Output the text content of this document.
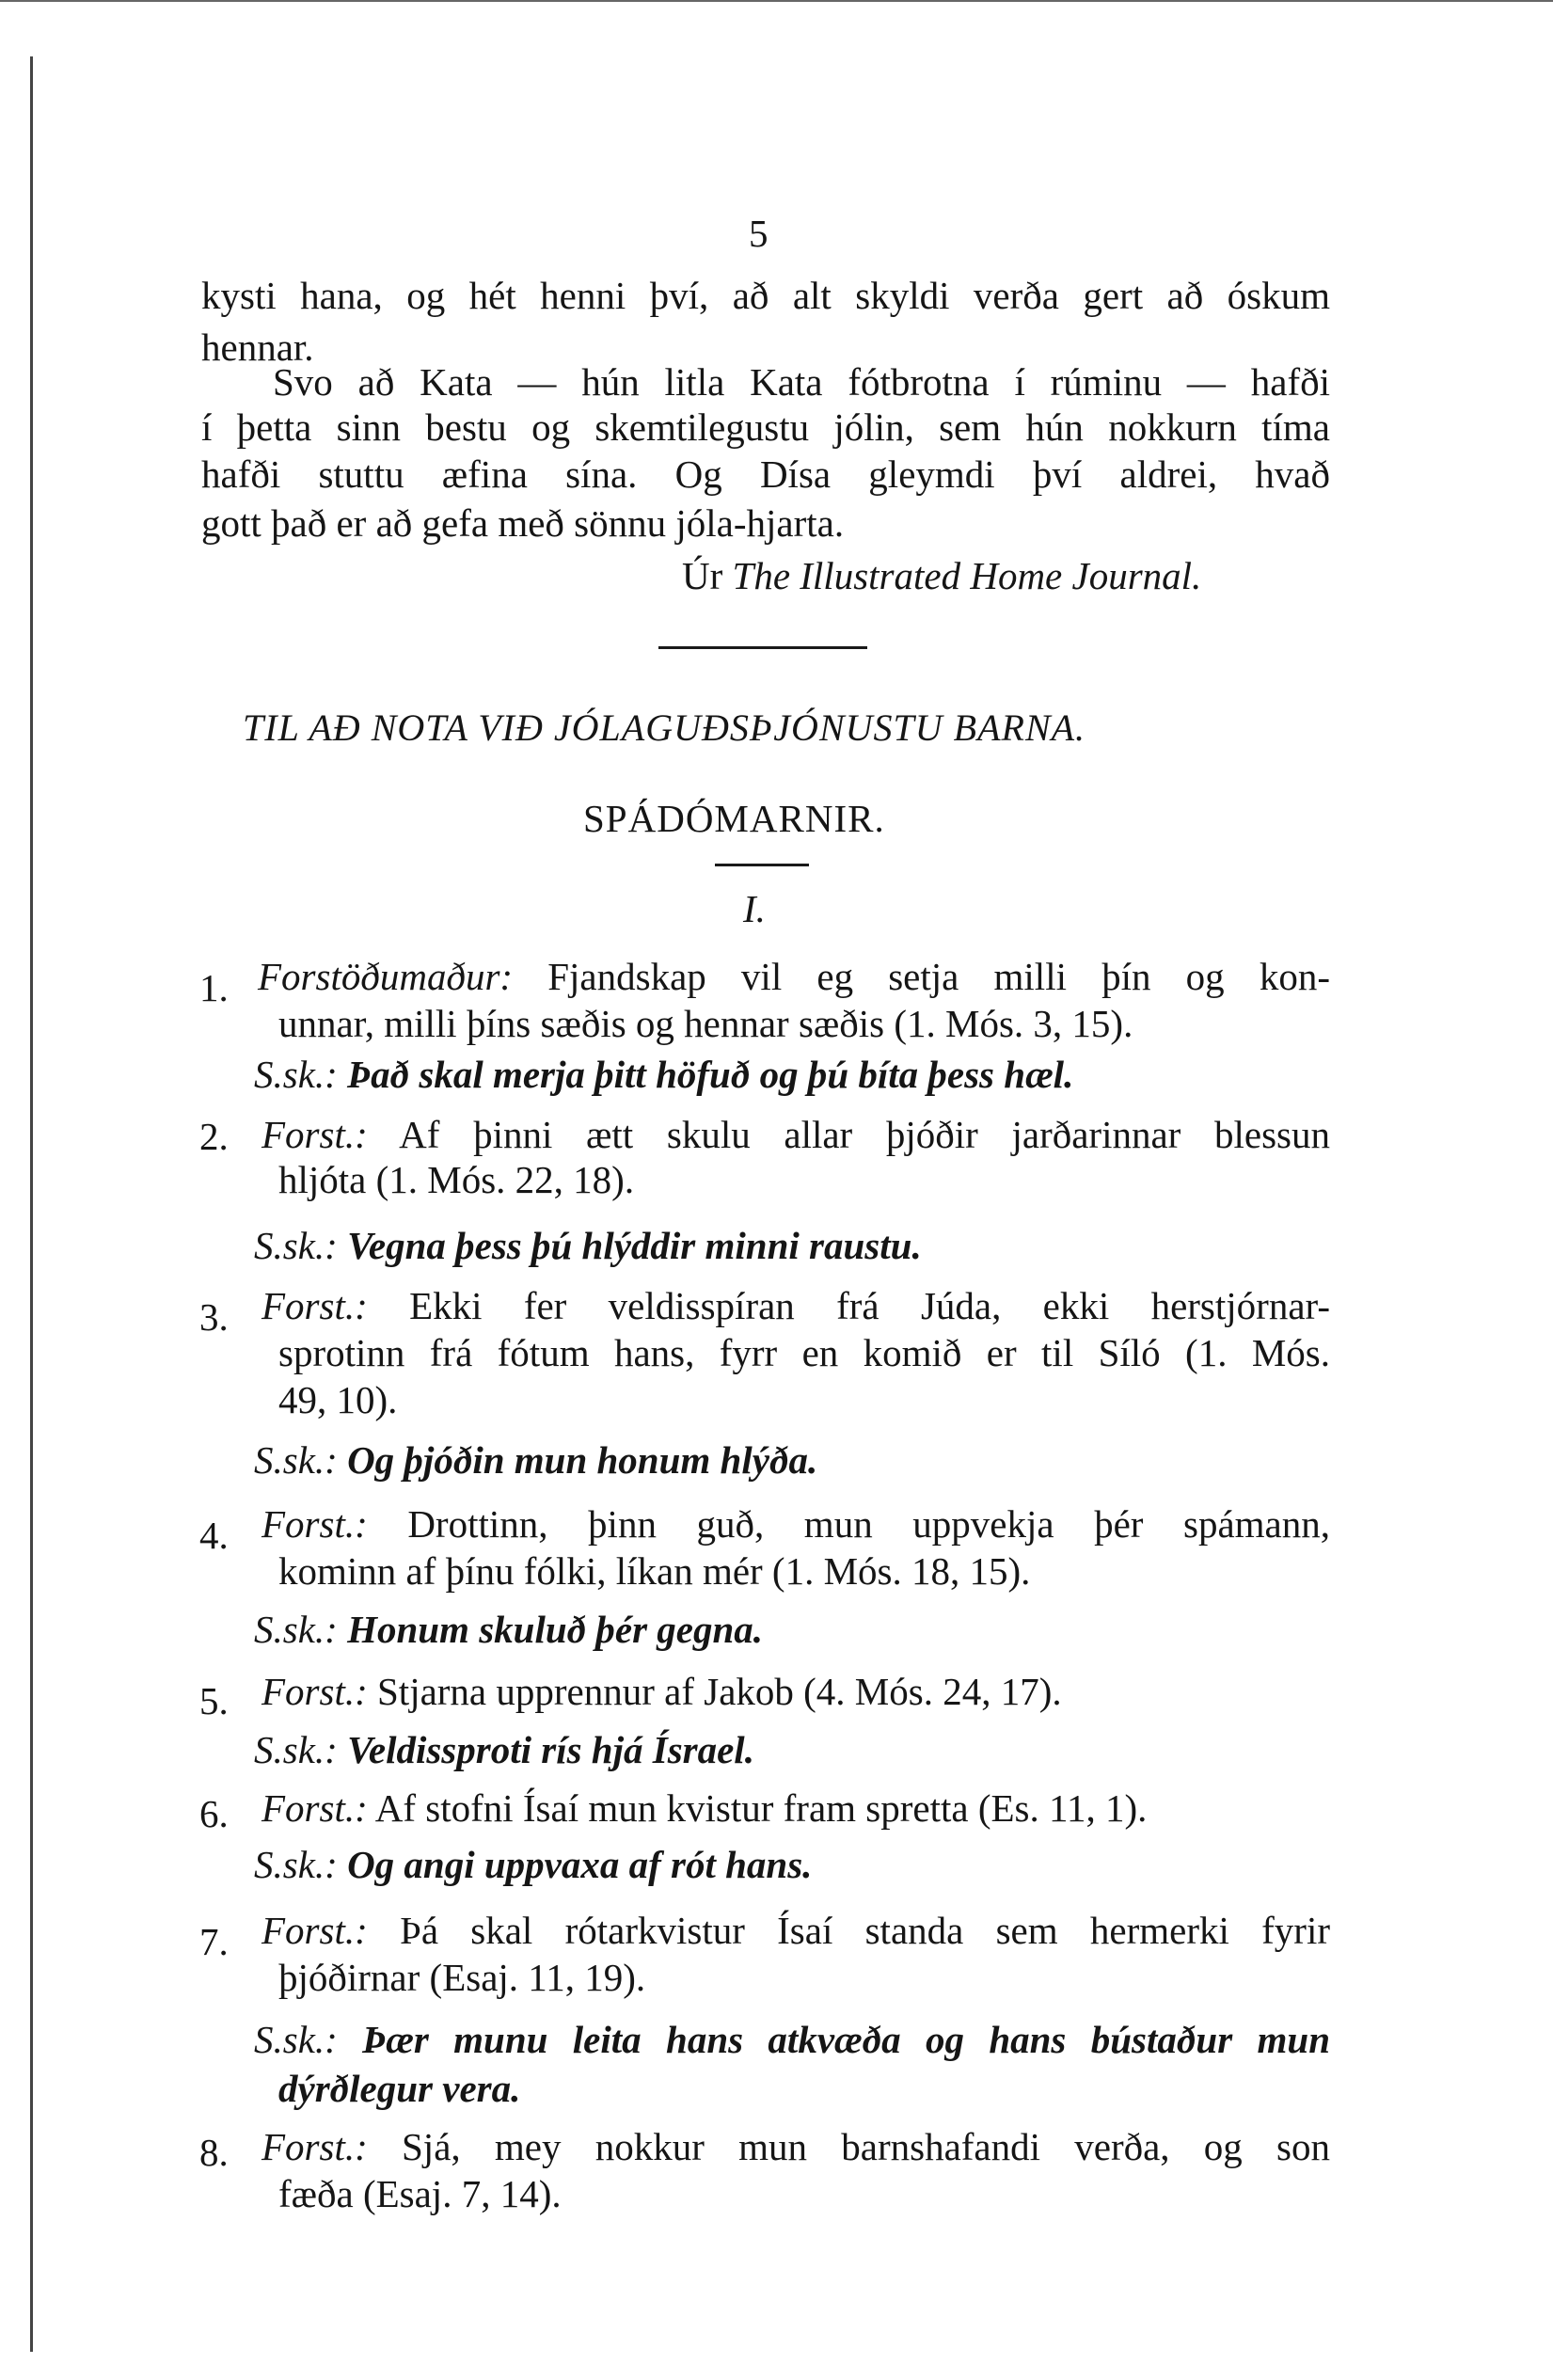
5
kysti hana, og hét henni því, að alt skyldi verða gert að óskum
hennar.
Svo að Kata — hún litla Kata fótbrotna í rúminu — hafði
í þetta sinn bestu og skemtilegustu jólin, sem hún nokkurn tíma
hafði stuttu æfina sína. Og Dísa gleymdi því aldrei, hvað
gott það er að gefa með sönnu jóla-hjarta.
Úr The Illustrated Home Journal.
TIL AÐ NOTA VIÐ JÓLAGUÐSÞJÓNUSTU BARNA.
SPÁDÓMARNIR.
I.
1. Forstöðumaður: Fjandskap vil eg setja milli þín og kon-
unnar, milli þíns sæðis og hennar sæðis (1. Mós. 3, 15).
S.sk.: Það skal merja þitt höfuð og þú bíta þess hæl.
2. Forst.: Af þinni ætt skulu allar þjóðir jarðarinnar blessun
hljóta (1. Mós. 22, 18).
S.sk.: Vegna þess þú hlýddir minni raustu.
3. Forst.: Ekki fer veldisspíran frá Júda, ekki herstjórnar-
sprotinn frá fótum hans, fyrr en komið er til Síló (1. Mós.
49, 10).
S.sk.: Og þjóðin mun honum hlýða.
4. Forst.: Drottinn, þinn guð, mun uppvekja þér spámann,
kominn af þínu fólki, líkan mér (1. Mós. 18, 15).
S.sk.: Honum skuluð þér gegna.
5. Forst.: Stjarna upprennur af Jakob (4. Mós. 24, 17).
S.sk.: Veldissproti rís hjá Ísrael.
6. Forst.: Af stofni Ísaí mun kvistur fram spretta (Es. 11, 1).
S.sk.: Og angi uppvaxa af rót hans.
7. Forst.: Þá skal rótarkvistur Ísaí standa sem hermerki fyrir
þjóðirnar (Esaj. 11, 19).
S.sk.: Þær munu leita hans atkvæða og hans bústaður mun
dýrðlegur vera.
8. Forst.: Sjá, mey nokkur mun barnshafandi verða, og son
fæða (Esaj. 7, 14).
